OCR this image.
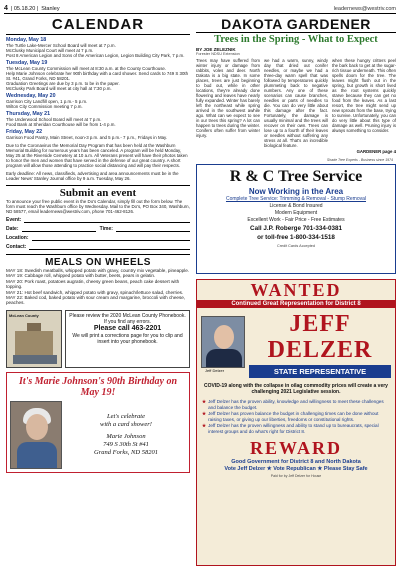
4 | 05.18.20 | Stanley	leadernews@westriv.com
CALENDAR
Monday, May 18
The Turtle Lake-Mercer School Board will meet at 7 p.m.
McClusky Municipal Court will meet at 7 p.m.
Post 8 American Legion and Sons of the American Legion, Legion Building City Park, 7 p.m.
Tuesday, May 19
The McLean County Commission will meet at 8:30 a.m. at the County Courthouse.
Help Marie Johnson celebrate her 90th birthday with a card shower. Send cards to 749 S 30th St. #41, Grand Forks, ND 58201.
Graduation Greetings are due by 3 p.m. to be in the paper.
McClusky Park Board will meet at city hall at 7:30 p.m.
Wednesday, May 20
Garrison City Landfill open, 1 p.m.- 5 p.m.
Wilton City Commission meeting 7 p.m.
Thursday, May 21
The Underwood School Board will meet at 7 p.m.
Food Bank at Sheridan Courthouse will be from 1-4 p.m.
Friday, May 22
Garrison Food Pantry, Main Street, noon-3 p.m. and 5 p.m.- 7 p.m., Fridays in May.
Due to the Coronavirus the Memorial Day Program that has been held at the Washburn Memorial Building for numerous years has been canceled. A program will be held Monday, May 25 at the Riverside Cemetery at 10 a.m. All Veterans present will have their photos taken to honor the men and women that have served in the defense of our great country. A short program will allow those attending to practice social distancing and will pay their respects.
Early deadline: All news, classifieds, advertising and area announcements must be in the Leader News' Stanley Journal office by 9 a.m. Tuesday, May 26.
Submit an event
To announce your free public event in the Do's Calendar, simply fill out the form below. The form must reach the Washburn office by Wednesday. Mail to the Do's, PO Box 340, Washburn, ND 58577, email leadernews@westriv.com, phone 701-462-8126.
Event:
Date:	Time:
Location:
Contact:
MEALS ON WHEELS
MAY 18: Swedish meatballs, whipped potato with gravy, country mix vegetable, pineapple.
MAY 19: Cabbage roll, whipped potato with butter, beets, pears in gelatin.
MAY 20: Pork roast, potatoes augratin, cheesy green beans, peach cake dessert with topping.
MAY 21: Hot beef sandwich, whipped potato with gravy, spinach/lettuce salad, cherries.
MAY 22: Baked cod, baked potato with sour cream and margarine, broccoli with cheese, peaches.
McLean County	Please review the 2020 McLean County Phonebook. If you find any errors.
Please call 463-2201
We will print a corrections page for you to clip and insert into your phonebook.
It's Marie Johnson's 90th Birthday on May 19!
Let's celebrate
with a card shower!
Marie Johnson
749 S 30th St #41
Grand Forks, ND 58201
DAKOTA GARDENER
Trees in the Spring - What to Expect
BY JOE ZELEZNIK
Forester NDSU Extension
Trees may have suffered from winter injury or damage from rabbits, voles and deer. North Dakota is a big state. In some places, trees are just beginning to bud out, while in other locations, they're already done flowering and leaves have nearly fully expanded. Winter has barely left the northeast while spring arrived in the southwest awhile ago. What can we expect to see in our trees this spring? A lot can happen to trees during the winter. Conifers often suffer from winter injury.
we had a warm, sunny, windy day that dried out conifer needles, or maybe we had a three-day warm spell that was followed by temperatures quickly plummeting back to negative numbers. Any one of these scenarios can cause branches, needles or parts of needles to die. You can do very little about this damage after the fact. Fortunately, the damage is usually minimal and the trees will recover on their own. Trees can lose up to a fourth of their leaves or needles without suffering any stress at all. That's an incredible biological feature.
when these hungry critters peel the bark back to get at the sugar-rich tissue underneath. This often spells doom for the tree. The leaves might flush out in the spring, but growth is short lived as the root systems quickly starve because they can get no food from the leaves. As a last resort, the tree might send up new sprouts from the base, trying to survive. Unfortunately, you can do very little about this type of damage as well. Pruning injury is always something to consider.
GARDENER page 4
Shade Tree Experts - Business since 1974
R & C Tree Service
Now Working in the Area
Complete Tree Service: Trimming & Removal - Stump Removal
License & Bond Insured
Modern Equipment
Excellent Work - Fair Price - Free Estimates
Call J.P. Roberge 701-334-0381
or toll-free 1-800-334-1518
Credit Cards Accepted
WANTED
Continued Great Representation for District 8
Jeff Delzer
JEFF
DELZER
STATE REPRESENTATIVE
COVID-19 along with the collapse in oilag commodity prices will create a very challenging 2021 Legislative session.
★ Jeff Delzer has the proven ability, knowledge and willingness to meet these challenges and balance the budget.
★ Jeff Delzer has proven balance the budget in challenging times can be done without raising taxes, or giving up our liberties, freedoms or constitutional rights.
★ Jeff Delzer has the proven willingness and ability to stand up to bureaucrats, special interest groups and do what's right for District 8.
REWARD
Good Government for District 8 and North Dakota
Vote Jeff Delzer ★ Vote Republican ★ Please Stay Safe
Paid for by Jeff Delzer for House
